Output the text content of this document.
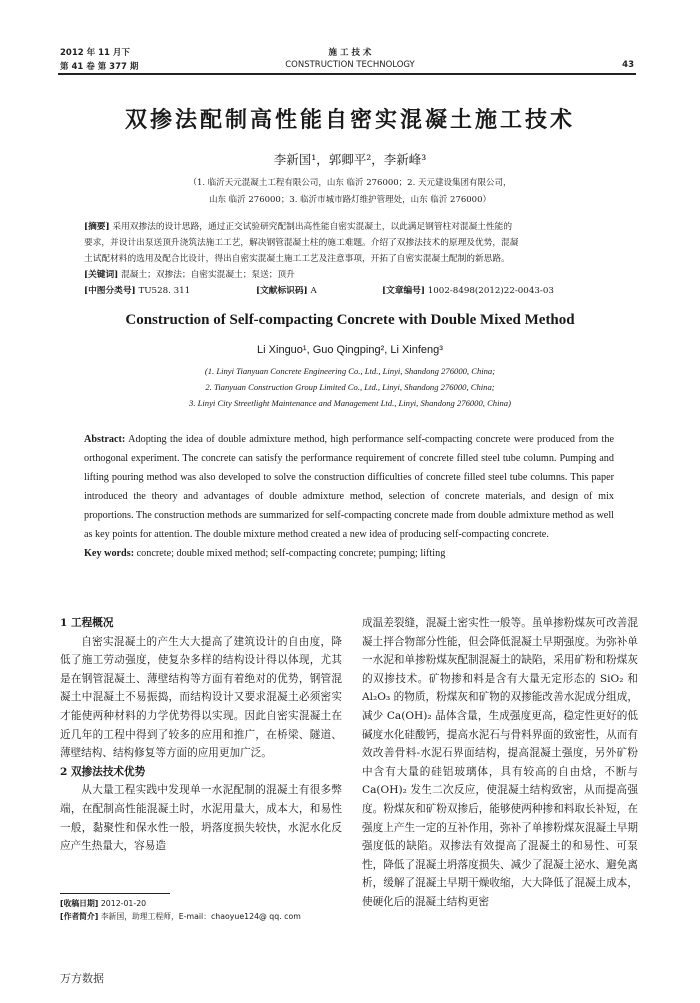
2012 年 11 月下
第 41 卷 第 377 期
施 工 技 术
CONSTRUCTION TECHNOLOGY	43
双掺法配制高性能自密实混凝土施工技术
李新国¹，郭卿平²，李新峰³
（1. 临沂天元混凝土工程有限公司，山东 临沂 276000；2. 天元建设集团有限公司，
山东 临沂 276000；3. 临沂市城市路灯维护管理处，山东 临沂 276000）
[摘要] 采用双掺法的设计思路，通过正交试验研究配制出高性能自密实混凝土，以此满足钢管柱对混凝土性能的
要求，并设计出泵送顶升浇筑法施工工艺，解决钢管混凝土柱的施工难题。介绍了双掺法技术的原理及优势，混凝
土试配材料的选用及配合比设计，得出自密实混凝土施工工艺及注意事项，开拓了自密实混凝土配制的新思路。
[关键词] 混凝土；双掺法；自密实混凝土；泵送；顶升
[中图分类号] TU528. 311	[文献标识码] A	[文章编号] 1002-8498(2012)22-0043-03
Construction of Self-compacting Concrete with Double Mixed Method
Li Xinguo¹, Guo Qingping², Li Xinfeng³
(1. Linyi Tianyuan Concrete Engineering Co., Ltd., Linyi, Shandong 276000, China;
2. Tianyuan Construction Group Limited Co., Ltd., Linyi, Shandong 276000, China;
3. Linyi City Streetlight Maintenance and Management Ltd., Linyi, Shandong 276000, China)
Abstract: Adopting the idea of double admixture method, high performance self-compacting concrete were produced from the orthogonal experiment. The concrete can satisfy the performance requirement of concrete filled steel tube column. Pumping and lifting pouring method was also developed to solve the construction difficulties of concrete filled steel tube columns. This paper introduced the theory and advantages of double admixture method, selection of concrete materials, and design of mix proportions. The construction methods are summarized for self-compacting concrete made from double admixture method as well as key points for attention. The double mixture method created a new idea of producing self-compacting concrete.
Key words: concrete; double mixed method; self-compacting concrete; pumping; lifting
1 工程概况

自密实混凝土的产生大大提高了建筑设计的自由度，降低了施工劳动强度，使复杂多样的结构设计得以体现，尤其是在钢管混凝土、薄壁结构等方面有着绝对的优势，钢管混凝土中混凝土不易振捣，而结构设计又要求混凝土必须密实才能使两种材料的力学优势得以实现。因此自密实混凝土在近几年的工程中得到了较多的应用和推广，在桥梁、隧道、薄壁结构、结构修复等方面的应用更加广泛。

2 双掺法技术优势

从大量工程实践中发现单一水泥配制的混凝土有很多弊端，在配制高性能混凝土时，水泥用量大，成本大，和易性一般，黏聚性和保水性一般，坍落度损失较快，水泥水化反应产生热量大，容易造

成温差裂缝，混凝土密实性一般等。虽单掺粉煤灰可改善混凝土拌合物部分性能，但会降低混凝土早期强度。为弥补单一水泥和单掺粉煤灰配制混凝土的缺陷，采用矿粉和粉煤灰的双掺技术。矿物掺和料是含有大量无定形态的 SiO₂ 和 Al₂O₃ 的物质，粉煤灰和矿物的双掺能改善水泥成分组成，减少 Ca(OH)₂ 晶体含量，生成强度更高，稳定性更好的低碱度水化硅酸钙，提高水泥石与骨料界面的致密性，从而有效改善骨料-水泥石界面结构，提高混凝土强度，另外矿粉中含有大量的硅铝玻璃体，具有较高的自由焓，不断与 Ca(OH)₂ 发生二次反应，使混凝土结构致密，从而提高强度。粉煤灰和矿粉双掺后，能够使两种掺和料取长补短，在强度上产生一定的互补作用，弥补了单掺粉煤灰混凝土早期强度低的缺陷。双掺法有效提高了混凝土的和易性、可泵性，降低了混凝土坍落度损失、减少了混凝土泌水、避免离析，缓解了混凝土早期干燥收缩，大大降低了混凝土成本，使硬化后的混凝土结构更密
[收稿日期] 2012-01-20
[作者简介] 李新国，助理工程师，E-mail：chaoyue124@ qq. com
万方数据
